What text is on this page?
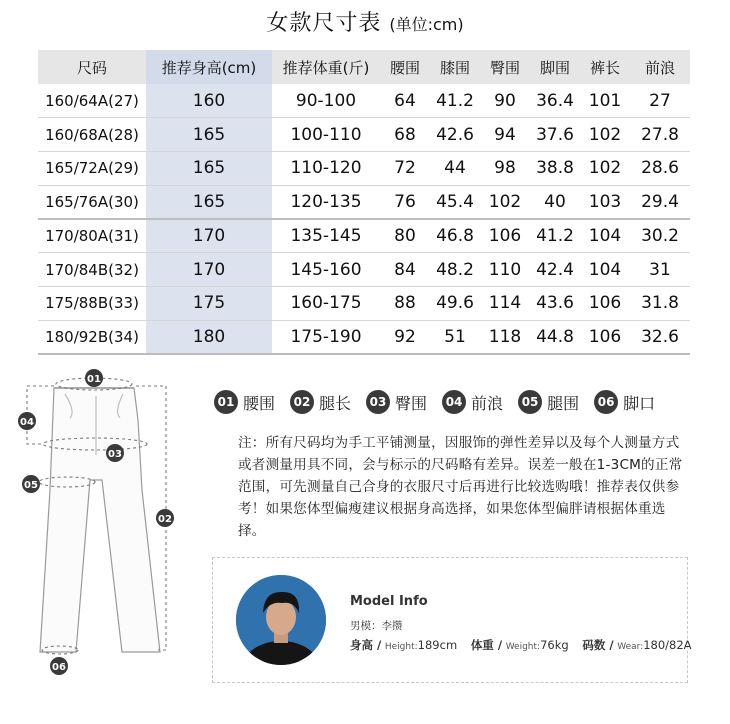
女款尺寸表 (单位:cm)
尺码	推荐身高(cm)	推荐体重(斤)	腰围	膝围	臀围	脚围	裤长	前浪
160/64A(27)	160	90-100	64	41.2	90	36.4	101	27
160/68A(28)	165	100-110	68	42.6	94	37.6	102	27.8
165/72A(29)	165	110-120	72	44	98	38.8	102	28.6
165/76A(30)	165	120-135	76	45.4	102	40	103	29.4
170/80A(31)	170	135-145	80	46.8	106	41.2	104	30.2
170/84B(32)	170	145-160	84	48.2	110	42.4	104	31
175/88B(33)	175	160-175	88	49.6	114	43.6	106	31.8
180/92B(34)	180	175-190	92	51	118	44.8	106	32.6
01
02
03
04
05
06
01 腰围	02 腿长	03 臀围	04 前浪	05 腿围	06 脚口
注：所有尺码均为手工平铺测量，因服饰的弹性差异以及每个人测量方式或者测量用具不同，会与标示的尺码略有差异。误差一般在1-3CM的正常范围，可先测量自己合身的衣服尺寸后再进行比较选购哦！推荐表仅供参考！如果您体型偏瘦建议根据身高选择，如果您体型偏胖请根据体重选择。
Model Info
男模：李攒
身高 / Height:189cm 体重 / Weight:76kg 码数 / Wear:180/82A
